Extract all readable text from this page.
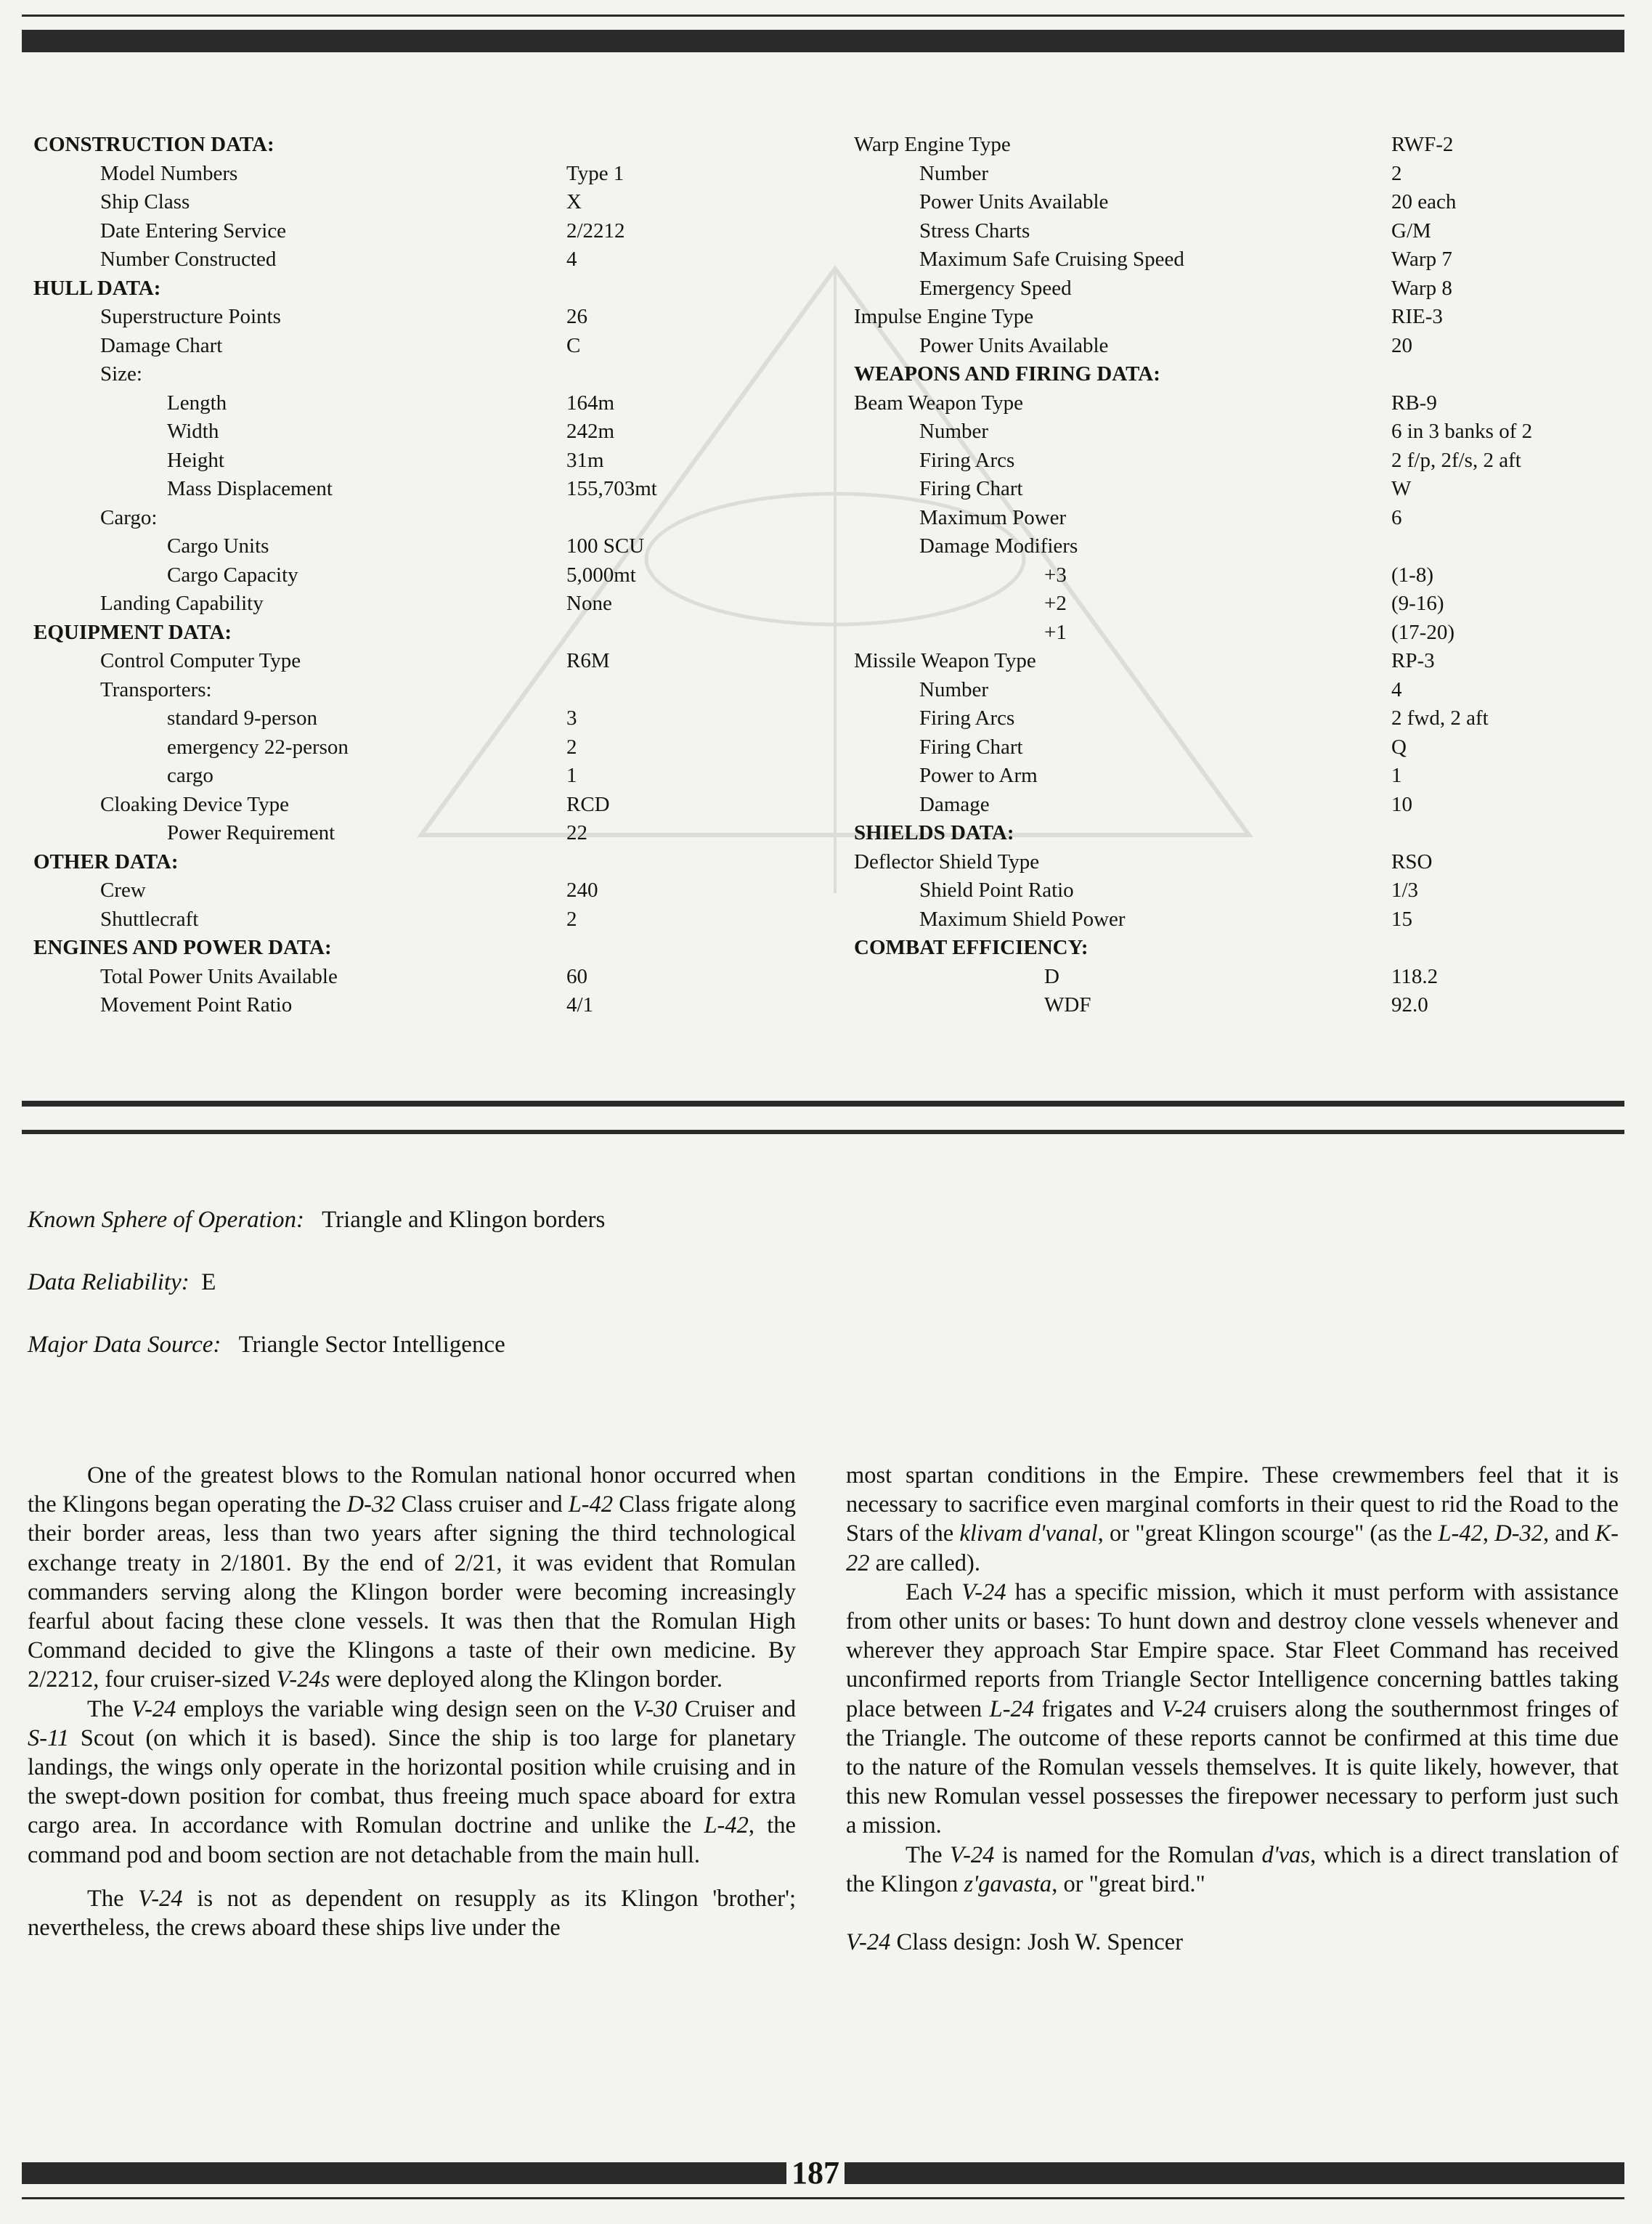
CONSTRUCTION DATA:
Model Numbers	Type 1
Ship Class	X
Date Entering Service	2/2212
Number Constructed	4
HULL DATA:
Superstructure Points	26
Damage Chart	C
Size:
Length	164m
Width	242m
Height	31m
Mass Displacement	155,703mt
Cargo:
Cargo Units	100 SCU
Cargo Capacity	5,000mt
Landing Capability	None
EQUIPMENT DATA:
Control Computer Type	R6M
Transporters:
standard 9-person	3
emergency 22-person	2
cargo	1
Cloaking Device Type	RCD
Power Requirement	22
OTHER DATA:
Crew	240
Shuttlecraft	2
ENGINES AND POWER DATA:
Total Power Units Available	60
Movement Point Ratio	4/1
Warp Engine Type	RWF-2
Number	2
Power Units Available	20 each
Stress Charts	G/M
Maximum Safe Cruising Speed	Warp 7
Emergency Speed	Warp 8
Impulse Engine Type	RIE-3
Power Units Available	20
WEAPONS AND FIRING DATA:
Beam Weapon Type	RB-9
Number	6 in 3 banks of 2
Firing Arcs	2 f/p, 2f/s, 2 aft
Firing Chart	W
Maximum Power	6
Damage Modifiers
+3	(1-8)
+2	(9-16)
+1	(17-20)
Missile Weapon Type	RP-3
Number	4
Firing Arcs	2 fwd, 2 aft
Firing Chart	Q
Power to Arm	1
Damage	10
SHIELDS DATA:
Deflector Shield Type	RSO
Shield Point Ratio	1/3
Maximum Shield Power	15
COMBAT EFFICIENCY:
D	118.2
WDF	92.0
Known Sphere of Operation: Triangle and Klingon borders
Data Reliability: E
Major Data Source: Triangle Sector Intelligence

One of the greatest blows to the Romulan national honor occurred when the Klingons began operating the D-32 Class cruiser and L-42 Class frigate along their border areas, less than two years after signing the third technological exchange treaty in 2/1801. By the end of 2/21, it was evident that Romulan commanders serving along the Klingon border were becoming increasingly fearful about facing these clone vessels. It was then that the Romulan High Command decided to give the Klingons a taste of their own medicine. By 2/2212, four cruiser-sized V-24s were deployed along the Klingon border.

The V-24 employs the variable wing design seen on the V-30 Cruiser and S-11 Scout (on which it is based). Since the ship is too large for planetary landings, the wings only operate in the horizontal position while cruising and in the swept-down position for combat, thus freeing much space aboard for extra cargo area. In accordance with Romulan doctrine and unlike the L-42, the command pod and boom section are not detachable from the main hull.

The V-24 is not as dependent on resupply as its Klingon 'brother'; nevertheless, the crews aboard these ships live under the

most spartan conditions in the Empire. These crewmembers feel that it is necessary to sacrifice even marginal comforts in their quest to rid the Road to the Stars of the klivam d'vanal, or "great Klingon scourge" (as the L-42, D-32, and K-22 are called).

Each V-24 has a specific mission, which it must perform with assistance from other units or bases: To hunt down and destroy clone vessels whenever and wherever they approach Star Empire space. Star Fleet Command has received unconfirmed reports from Triangle Sector Intelligence concerning battles taking place between L-24 frigates and V-24 cruisers along the southernmost fringes of the Triangle. The outcome of these reports cannot be confirmed at this time due to the nature of the Romulan vessels themselves. It is quite likely, however, that this new Romulan vessel possesses the firepower necessary to perform just such a mission.

The V-24 is named for the Romulan d'vas, which is a direct translation of the Klingon z'gavasta, or "great bird."

V-24 Class design: Josh W. Spencer

187
